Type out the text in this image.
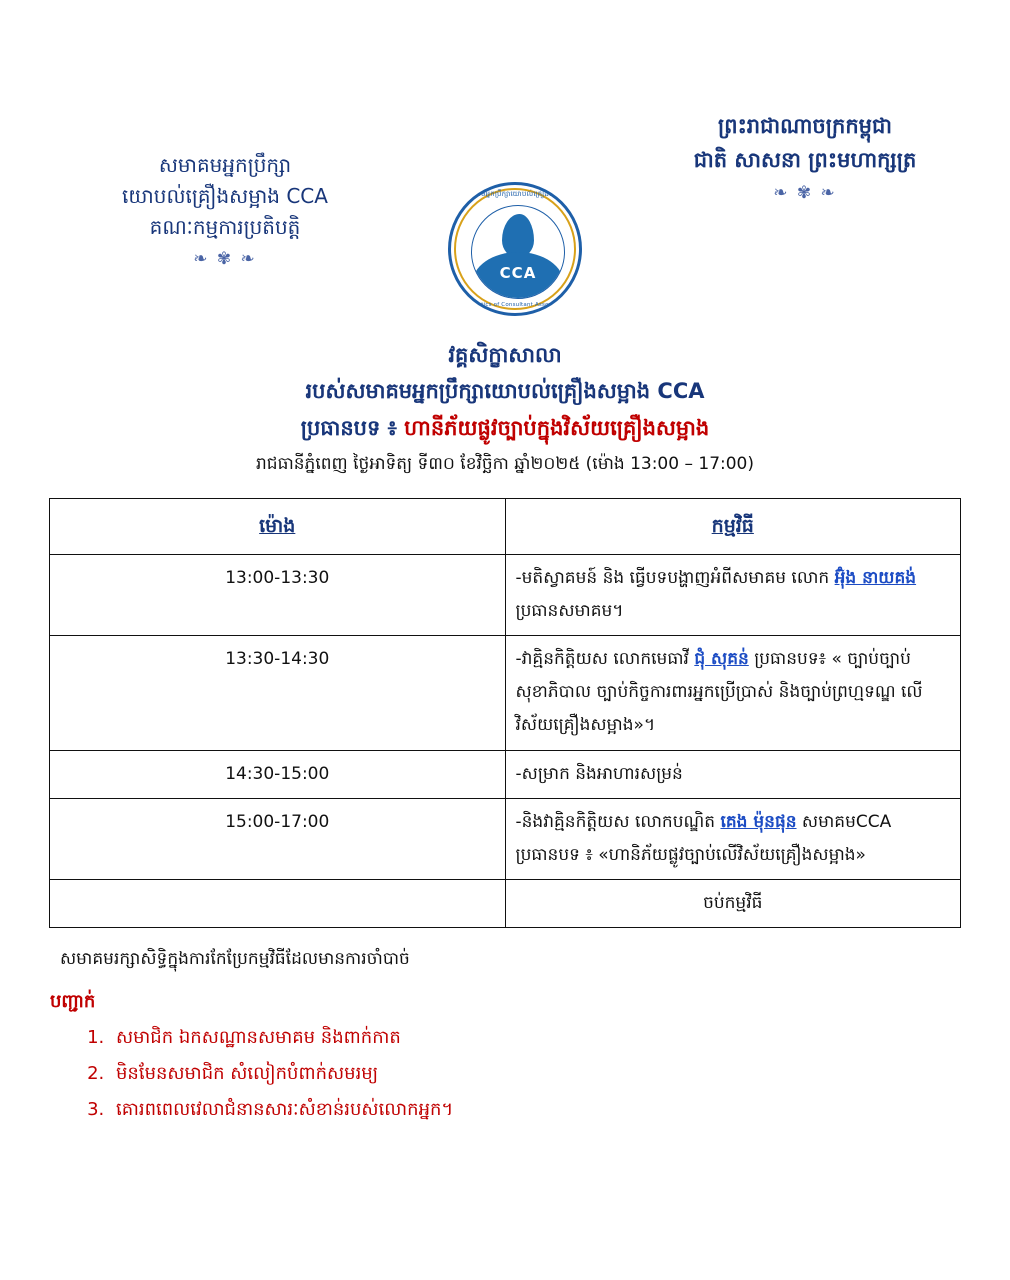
សមាគមអ្នកប្រឹក្សា
យោបល់គ្រឿងសម្អាង CCA
គណៈកម្មការប្រតិបត្តិ
❧ ✾ ❧
សមាគមអ្នកប្រឹក្សាយោបល់គ្រឿងសម្អាង
CCA
Cosmetics of Consultant Association
ព្រះរាជាណាចក្រកម្ពុជា
ជាតិ សាសនា ព្រះមហាក្សត្រ
❧ ✾ ❧
វគ្គសិក្ខាសាលា
របស់សមាគមអ្នកប្រឹក្សាយោបល់គ្រឿងសម្អាង CCA
ប្រធានបទ ៖ ហានីភ័យផ្លូវច្បាប់ក្នុងវិស័យគ្រឿងសម្អាង
រាជធានីភ្នំពេញ ថ្ងៃអាទិត្យ ទី៣០ ខែវិច្ឆិកា ឆ្នាំ២០២៥ (ម៉ោង 13:00 – 17:00)
ម៉ោង	កម្មវិធី
13:00-13:30	-មតិស្វាគមន៍ និង ធ្វើបទបង្ហាញអំពីសមាគម លោក អ៊ុំង នាយគង់ ប្រធានសមាគម។
13:30-14:30	-វាគ្មិនកិត្តិយស លោកមេធាវី ជុំ សុគន់ ប្រធានបទ៖ « ច្បាប់ច្បាប់សុខាភិបាល ច្បាប់កិច្ចការពារអ្នកប្រើប្រាស់ និងច្បាប់ព្រហ្មទណ្ឌ លើវិស័យគ្រឿងសម្អាង»។
14:30-15:00	-សម្រាក និងអាហារសម្រន់
15:00-17:00	-និងវាគ្មិនកិត្តិយស លោកបណ្ឌិត គេង ម៉ុនផុន សមាគមCCA ប្រធានបទ ៖ «ហានិភ័យផ្លូវច្បាប់លើវិស័យគ្រឿងសម្អាង»
	ចប់កម្មវិធី
សមាគមរក្សាសិទ្ធិក្នុងការកែប្រែកម្មវិធីដែលមានការចាំបាច់
បញ្ជាក់
1. សមាជិក ឯកសណ្ឋានសមាគម និងពាក់កាត
2. មិនមែនសមាជិក សំលៀកបំពាក់សមរម្យ
3. គោរពពេលវេលាជំនានសារៈសំខាន់របស់លោកអ្នក។
